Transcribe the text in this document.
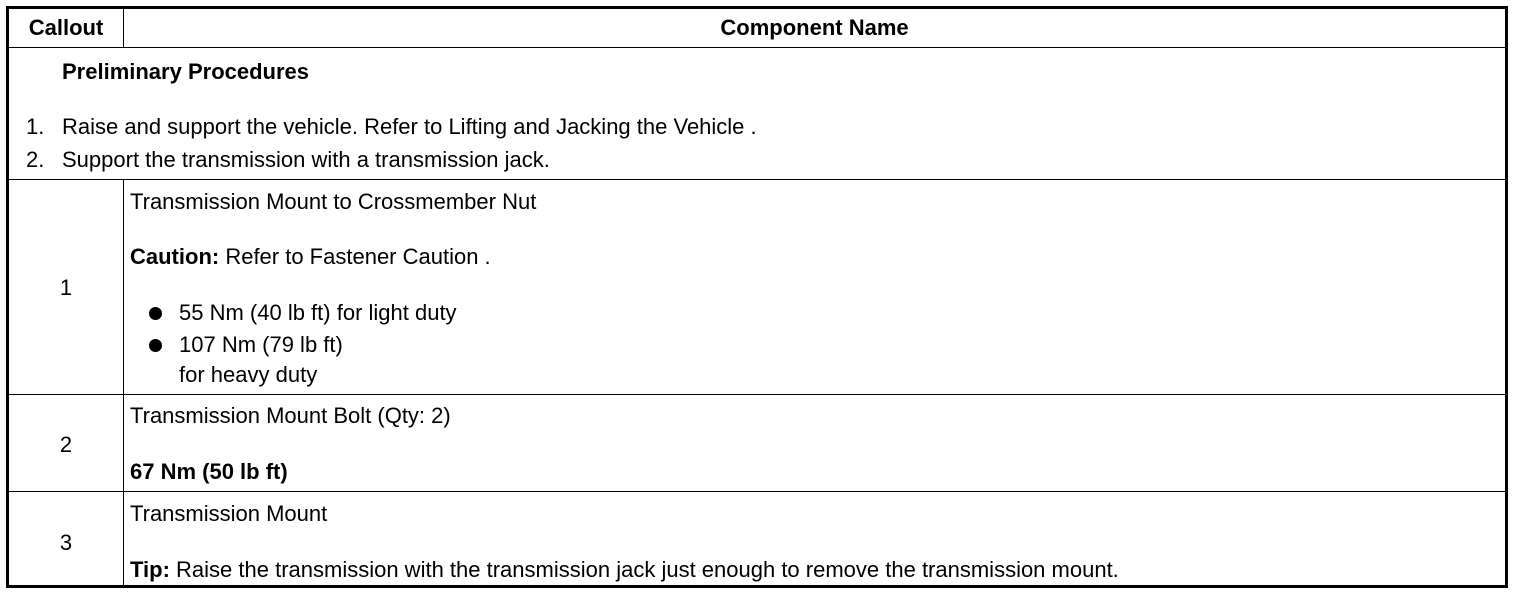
Callout	Component Name
Preliminary Procedures
1. Raise and support the vehicle. Refer to Lifting and Jacking the Vehicle .
2. Support the transmission with a transmission jack.
1
Transmission Mount to Crossmember Nut
Caution: Refer to Fastener Caution .
55 Nm (40 lb ft) for light duty
107 Nm (79 lb ft)
for heavy duty
2
Transmission Mount Bolt (Qty: 2)
67 Nm (50 lb ft)
3
Transmission Mount
Tip: Raise the transmission with the transmission jack just enough to remove the transmission mount.
